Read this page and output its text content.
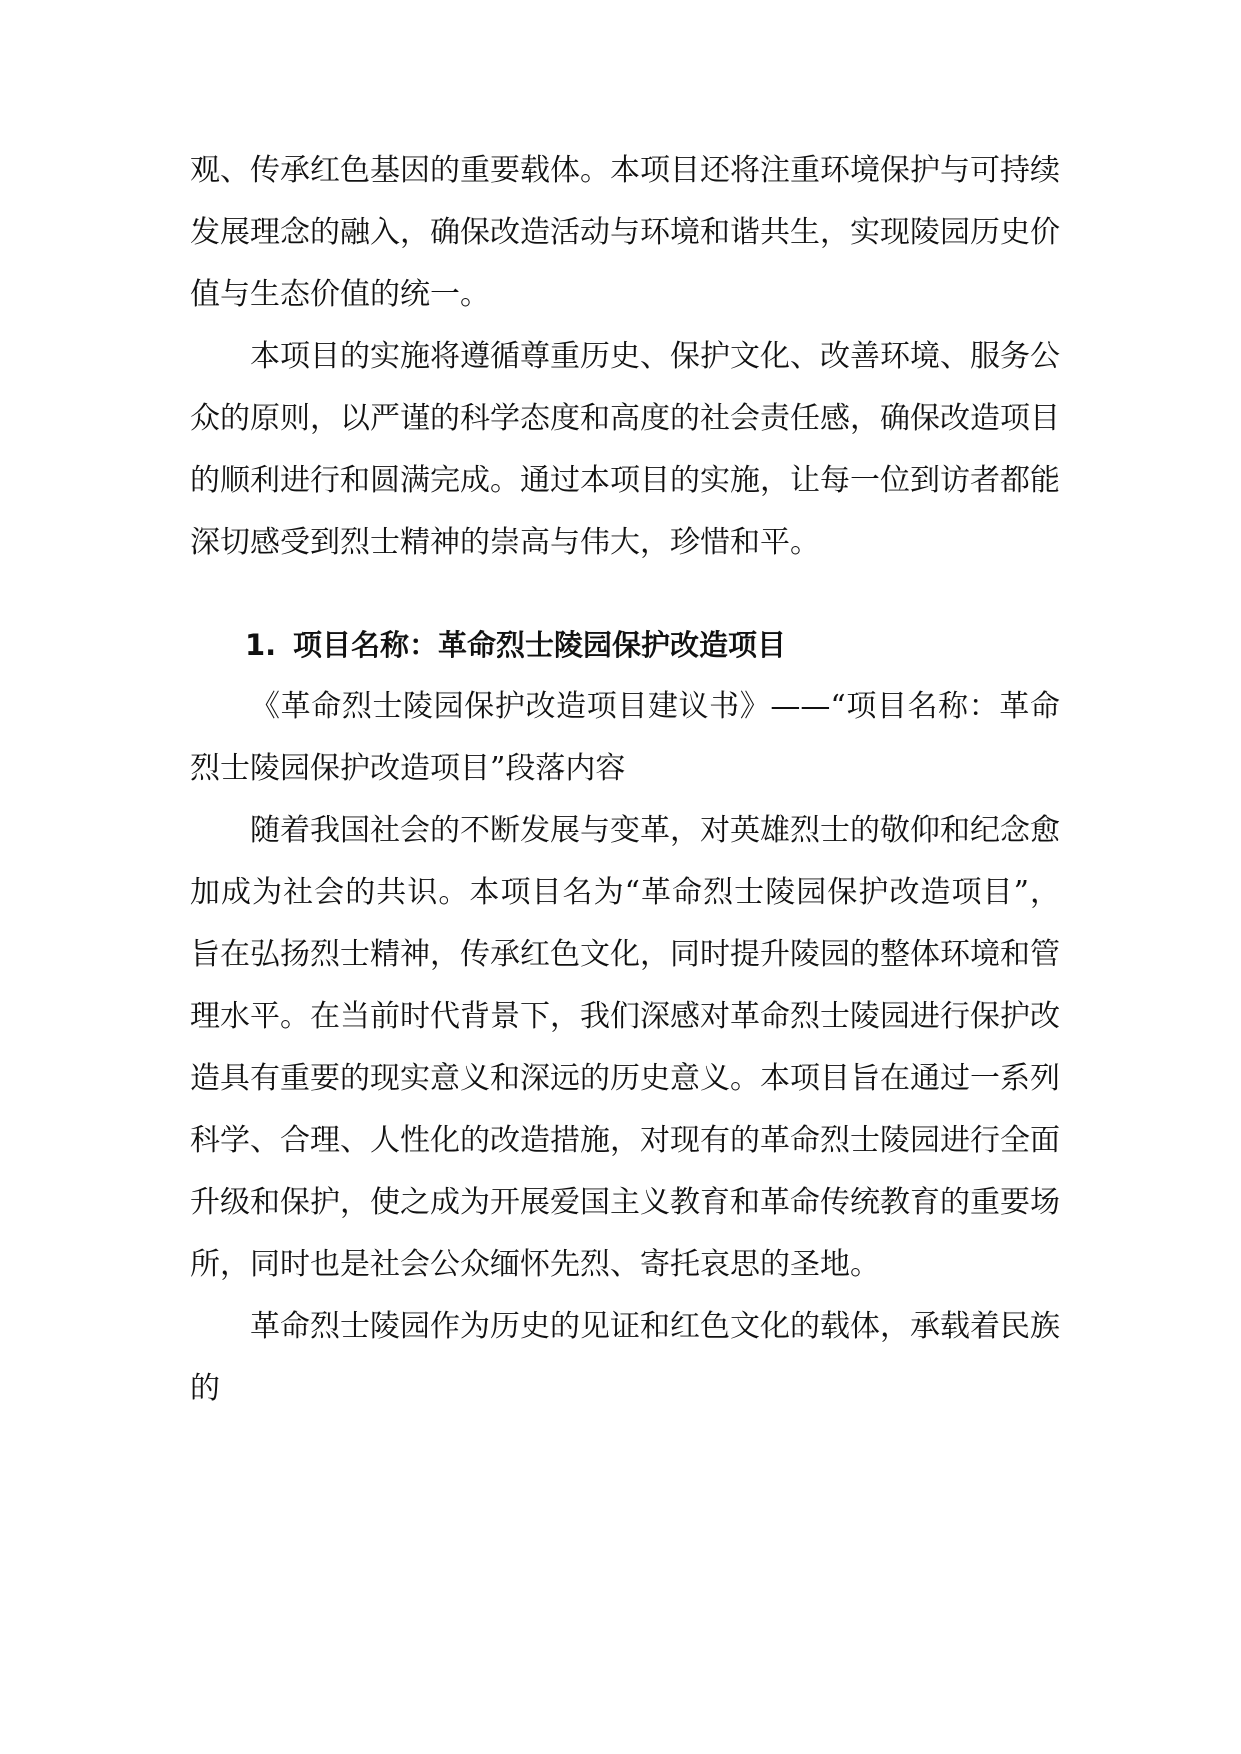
观、传承红色基因的重要载体。本项目还将注重环境保护与可持续发展理念的融入，确保改造活动与环境和谐共生，实现陵园历史价值与生态价值的统一。

本项目的实施将遵循尊重历史、保护文化、改善环境、服务公众的原则，以严谨的科学态度和高度的社会责任感，确保改造项目的顺利进行和圆满完成。通过本项目的实施，让每一位到访者都能深切感受到烈士精神的崇高与伟大，珍惜和平。

1. 项目名称：革命烈士陵园保护改造项目

《革命烈士陵园保护改造项目建议书》——“项目名称：革命烈士陵园保护改造项目”段落内容

随着我国社会的不断发展与变革，对英雄烈士的敬仰和纪念愈加成为社会的共识。本项目名为“革命烈士陵园保护改造项目”，旨在弘扬烈士精神，传承红色文化，同时提升陵园的整体环境和管理水平。在当前时代背景下，我们深感对革命烈士陵园进行保护改造具有重要的现实意义和深远的历史意义。本项目旨在通过一系列科学、合理、人性化的改造措施，对现有的革命烈士陵园进行全面升级和保护，使之成为开展爱国主义教育和革命传统教育的重要场所，同时也是社会公众缅怀先烈、寄托哀思的圣地。

革命烈士陵园作为历史的见证和红色文化的载体，承载着民族的
